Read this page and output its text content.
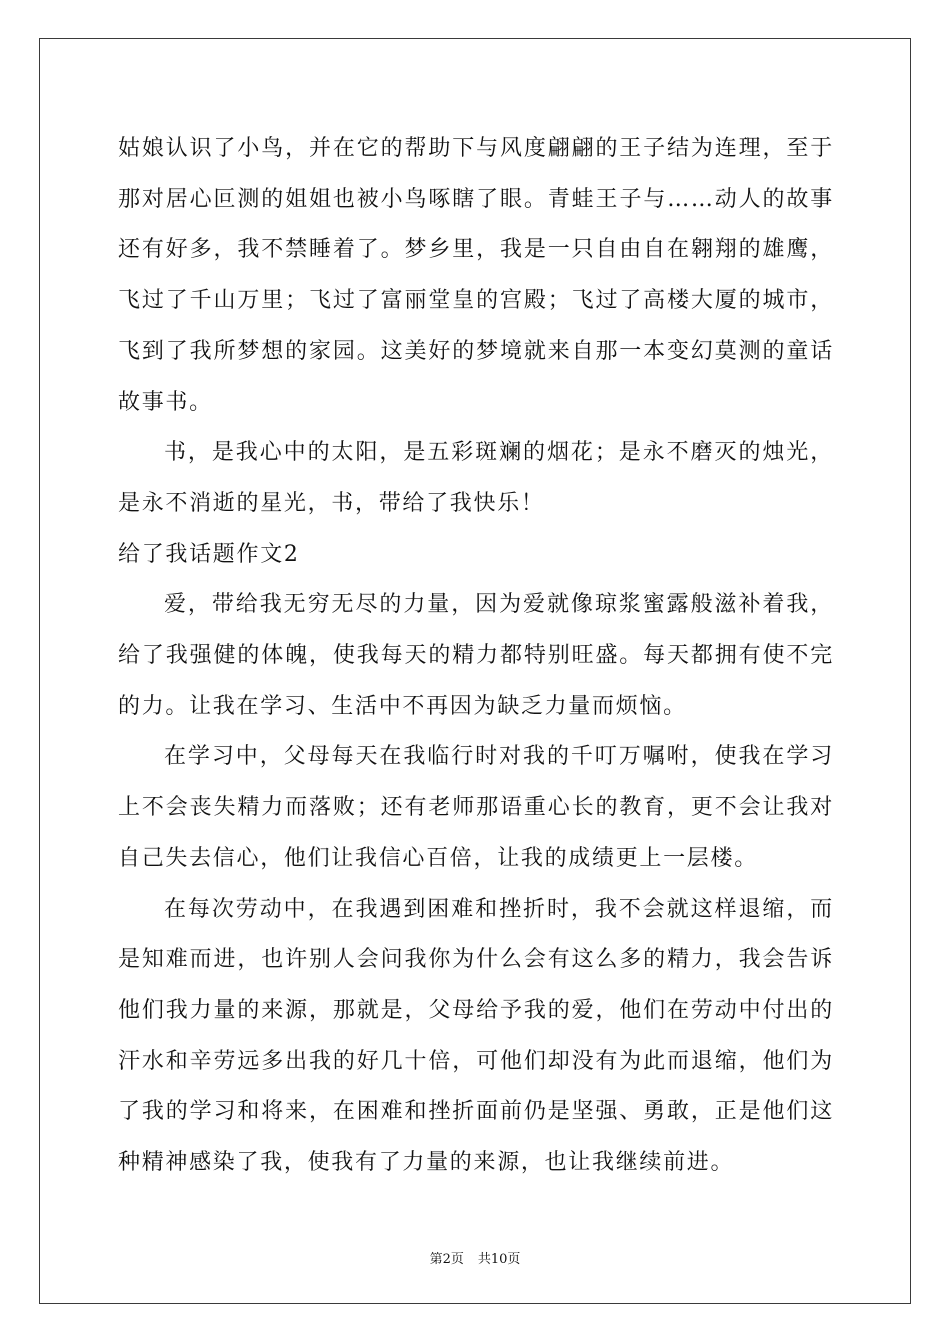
姑娘认识了小鸟，并在它的帮助下与风度翩翩的王子结为连理，至于那对居心叵测的姐姐也被小鸟啄瞎了眼。青蛙王子与……动人的故事还有好多，我不禁睡着了。梦乡里，我是一只自由自在翱翔的雄鹰，飞过了千山万里；飞过了富丽堂皇的宫殿；飞过了高楼大厦的城市，飞到了我所梦想的家园。这美好的梦境就来自那一本变幻莫测的童话故事书。

书，是我心中的太阳，是五彩斑斓的烟花；是永不磨灭的烛光，是永不消逝的星光，书，带给了我快乐！

给了我话题作文2

爱，带给我无穷无尽的力量，因为爱就像琼浆蜜露般滋补着我，给了我强健的体魄，使我每天的精力都特别旺盛。每天都拥有使不完的力。让我在学习、生活中不再因为缺乏力量而烦恼。

在学习中，父母每天在我临行时对我的千叮万嘱咐，使我在学习上不会丧失精力而落败；还有老师那语重心长的教育，更不会让我对自己失去信心，他们让我信心百倍，让我的成绩更上一层楼。

在每次劳动中，在我遇到困难和挫折时，我不会就这样退缩，而是知难而进，也许别人会问我你为什么会有这么多的精力，我会告诉他们我力量的来源，那就是，父母给予我的爱，他们在劳动中付出的汗水和辛劳远多出我的好几十倍，可他们却没有为此而退缩，他们为了我的学习和将来，在困难和挫折面前仍是坚强、勇敢，正是他们这种精神感染了我，使我有了力量的来源，也让我继续前进。

第2页 共10页
